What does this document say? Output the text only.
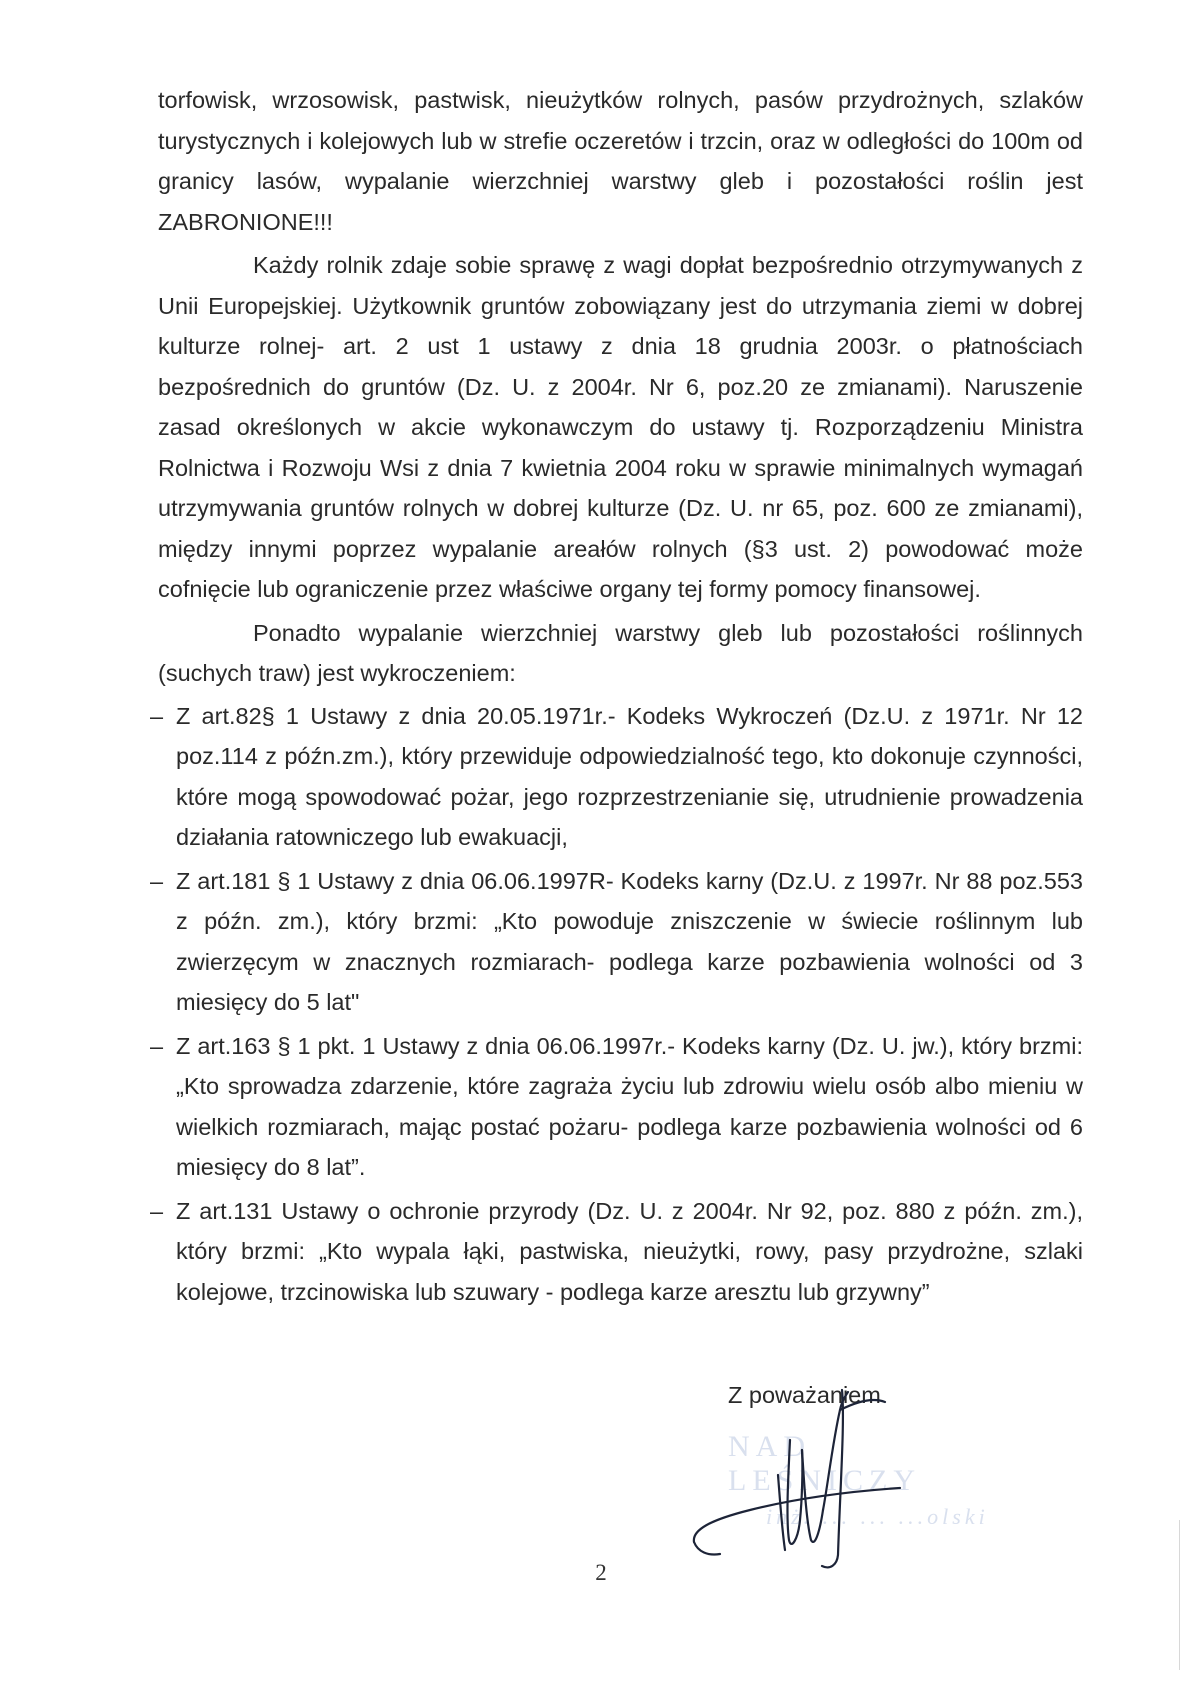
torfowisk, wrzosowisk, pastwisk, nieużytków rolnych, pasów przydrożnych, szlaków turystycznych i kolejowych lub w strefie oczeretów i trzcin, oraz w odległości do 100m od granicy lasów, wypalanie wierzchniej warstwy gleb i pozostałości roślin jest ZABRONIONE!!!

Każdy rolnik zdaje sobie sprawę z wagi dopłat bezpośrednio otrzymywanych z Unii Europejskiej. Użytkownik gruntów zobowiązany jest do utrzymania ziemi w dobrej kulturze rolnej- art. 2 ust 1 ustawy z dnia 18 grudnia 2003r. o płatnościach bezpośrednich do gruntów (Dz. U. z 2004r. Nr 6, poz.20 ze zmianami). Naruszenie zasad określonych w akcie wykonawczym do ustawy tj. Rozporządzeniu Ministra Rolnictwa i Rozwoju Wsi z dnia 7 kwietnia 2004 roku w sprawie minimalnych wymagań utrzymywania gruntów rolnych w dobrej kulturze (Dz. U. nr 65, poz. 600 ze zmianami), między innymi poprzez wypalanie areałów rolnych (§3 ust. 2) powodować może cofnięcie lub ograniczenie przez właściwe organy tej formy pomocy finansowej.

Ponadto wypalanie wierzchniej warstwy gleb lub pozostałości roślinnych (suchych traw) jest wykroczeniem:

– Z art.82§ 1 Ustawy z dnia 20.05.1971r.- Kodeks Wykroczeń (Dz.U. z 1971r. Nr 12 poz.114 z późn.zm.), który przewiduje odpowiedzialność tego, kto dokonuje czynności, które mogą spowodować pożar, jego rozprzestrzenianie się, utrudnienie prowadzenia działania ratowniczego lub ewakuacji,
– Z art.181 § 1 Ustawy z dnia 06.06.1997R- Kodeks karny (Dz.U. z 1997r. Nr 88 poz.553 z późn. zm.), który brzmi: „Kto powoduje zniszczenie w świecie roślinnym lub zwierzęcym w znacznych rozmiarach- podlega karze pozbawienia wolności od 3 miesięcy do 5 lat"
– Z art.163 § 1 pkt. 1 Ustawy z dnia 06.06.1997r.- Kodeks karny (Dz. U. jw.), który brzmi: „Kto sprowadza zdarzenie, które zagraża życiu lub zdrowiu wielu osób albo mieniu w wielkich rozmiarach, mając postać pożaru- podlega karze pozbawienia wolności od 6 miesięcy do 8 lat”.
– Z art.131 Ustawy o ochronie przyrody (Dz. U. z 2004r. Nr 92, poz. 880 z późn. zm.), który brzmi: „Kto wypala łąki, pastwiska, nieużytki, rowy, pasy przydrożne, szlaki kolejowe, trzcinowiska lub szuwary - podlega karze aresztu lub grzywny”
Z poważaniem
NAD LEŚNICZY
inż. ... ... ...olski
2
